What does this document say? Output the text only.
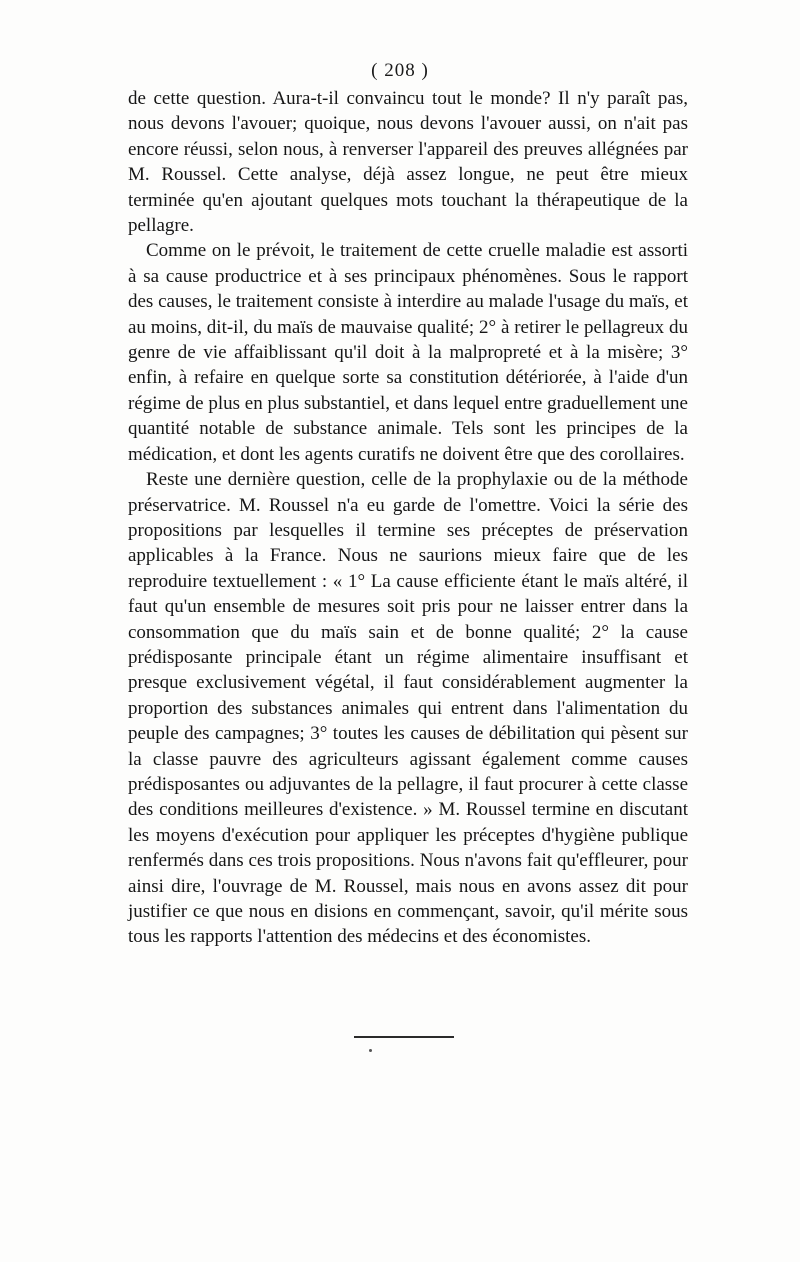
( 208 )

de cette question. Aura-t-il convaincu tout le monde? Il n'y paraît pas, nous devons l'avouer; quoique, nous devons l'avouer aussi, on n'ait pas encore réussi, selon nous, à renverser l'appareil des preuves allégnées par M. Roussel. Cette analyse, déjà assez longue, ne peut être mieux terminée qu'en ajoutant quelques mots touchant la thérapeutique de la pellagre.

Comme on le prévoit, le traitement de cette cruelle maladie est assorti à sa cause productrice et à ses principaux phénomènes. Sous le rapport des causes, le traitement consiste à interdire au malade l'usage du maïs, et au moins, dit-il, du maïs de mauvaise qualité; 2° à retirer le pellagreux du genre de vie affaiblissant qu'il doit à la malpropreté et à la misère; 3° enfin, à refaire en quelque sorte sa constitution détériorée, à l'aide d'un régime de plus en plus substantiel, et dans lequel entre graduellement une quantité notable de substance animale. Tels sont les principes de la médication, et dont les agents curatifs ne doivent être que des corollaires.

Reste une dernière question, celle de la prophylaxie ou de la méthode préservatrice. M. Roussel n'a eu garde de l'omettre. Voici la série des propositions par lesquelles il termine ses préceptes de préservation applicables à la France. Nous ne saurions mieux faire que de les reproduire textuellement : « 1° La cause efficiente étant le maïs altéré, il faut qu'un ensemble de mesures soit pris pour ne laisser entrer dans la consommation que du maïs sain et de bonne qualité; 2° la cause prédisposante principale étant un régime alimentaire insuffisant et presque exclusivement végétal, il faut considérablement augmenter la proportion des substances animales qui entrent dans l'alimentation du peuple des campagnes; 3° toutes les causes de débilitation qui pèsent sur la classe pauvre des agriculteurs agissant également comme causes prédisposantes ou adjuvantes de la pellagre, il faut procurer à cette classe des conditions meilleures d'existence. » M. Roussel termine en discutant les moyens d'exécution pour appliquer les préceptes d'hygiène publique renfermés dans ces trois propositions. Nous n'avons fait qu'effleurer, pour ainsi dire, l'ouvrage de M. Roussel, mais nous en avons assez dit pour justifier ce que nous en disions en commençant, savoir, qu'il mérite sous tous les rapports l'attention des médecins et des économistes.
